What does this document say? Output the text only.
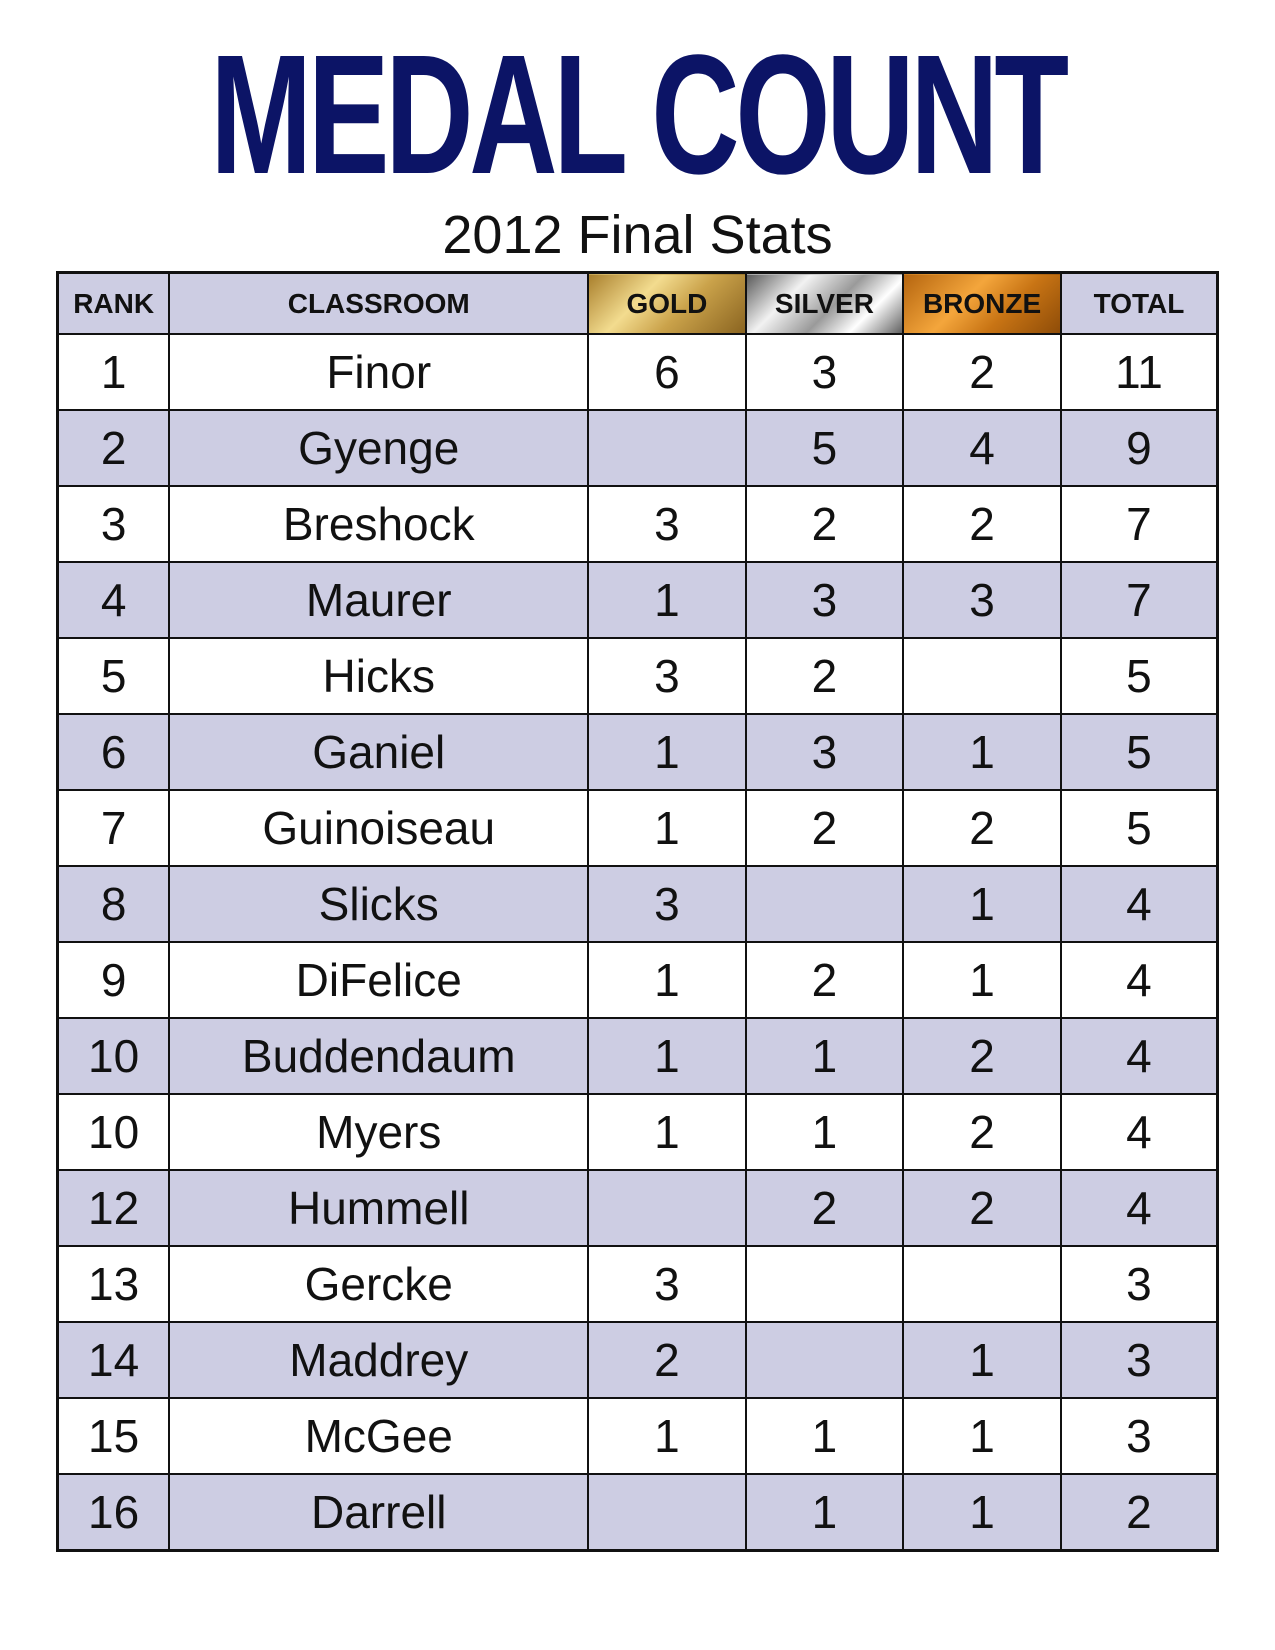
MEDAL COUNT
2012 Final Stats
RANK	CLASSROOM	GOLD	SILVER	BRONZE	TOTAL
1	Finor	6	3	2	11
2	Gyenge		5	4	9
3	Breshock	3	2	2	7
4	Maurer	1	3	3	7
5	Hicks	3	2		5
6	Ganiel	1	3	1	5
7	Guinoiseau	1	2	2	5
8	Slicks	3		1	4
9	DiFelice	1	2	1	4
10	Buddendaum	1	1	2	4
10	Myers	1	1	2	4
12	Hummell		2	2	4
13	Gercke	3			3
14	Maddrey	2		1	3
15	McGee	1	1	1	3
16	Darrell		1	1	2
